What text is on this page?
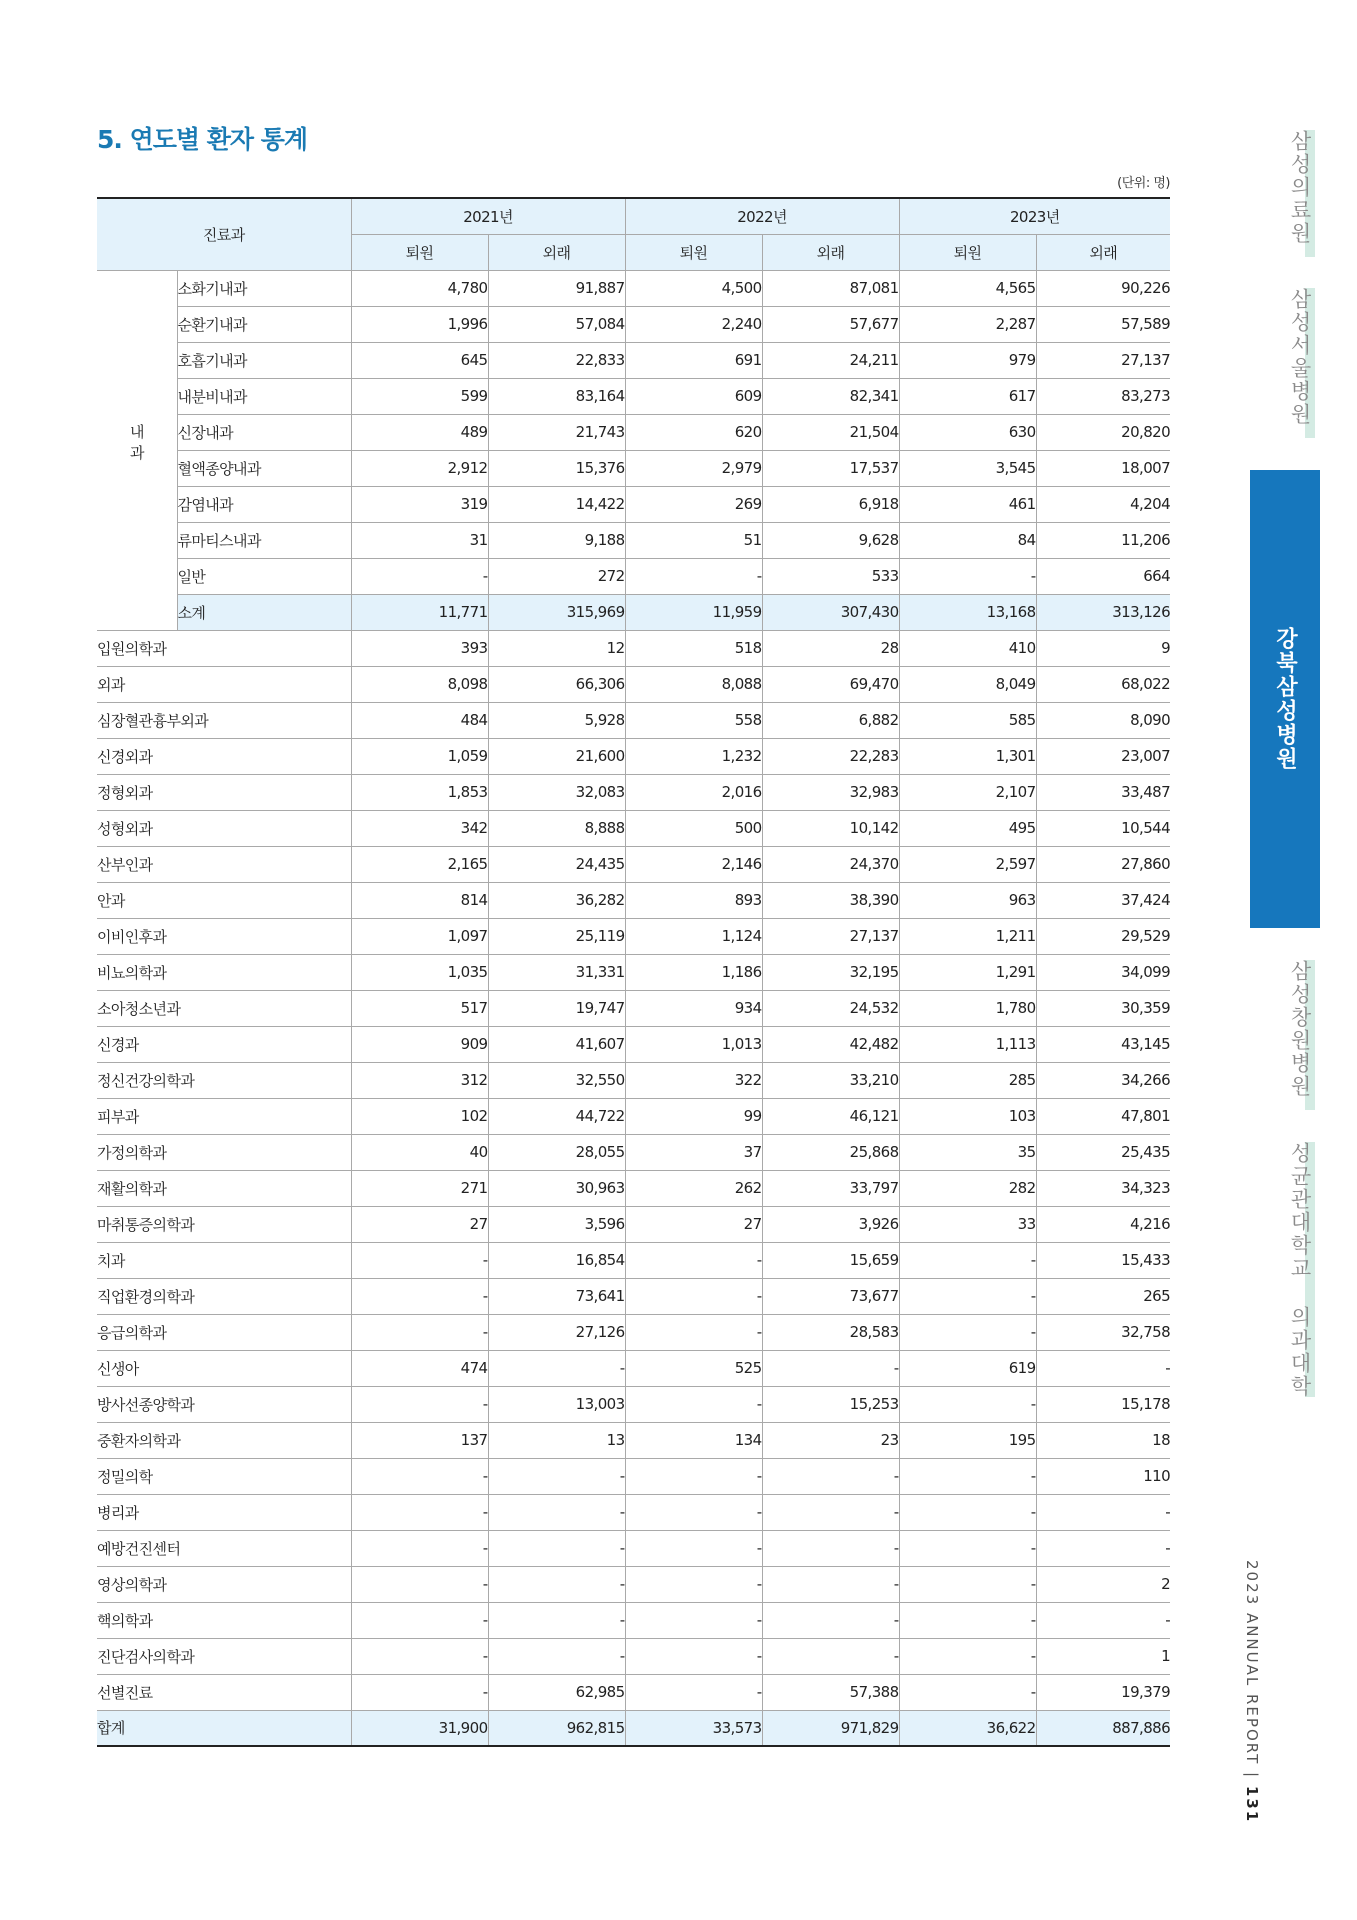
5. 연도별 환자 통계
(단위: 명)
진료과		2021년		2022년		2023년	
		퇴원	외래	퇴원	외래	퇴원	외래
내과	소화기내과	4,780	91,887	4,500	87,081	4,565	90,226
	순환기내과	1,996	57,084	2,240	57,677	2,287	57,589
	호흡기내과	645	22,833	691	24,211	979	27,137
	내분비내과	599	83,164	609	82,341	617	83,273
	신장내과	489	21,743	620	21,504	630	20,820
	혈액종양내과	2,912	15,376	2,979	17,537	3,545	18,007
	감염내과	319	14,422	269	6,918	461	4,204
	류마티스내과	31	9,188	51	9,628	84	11,206
	일반	-	272	-	533	-	664
	소계	11,771	315,969	11,959	307,430	13,168	313,126
입원의학과		393	12	518	28	410	9
외과		8,098	66,306	8,088	69,470	8,049	68,022
심장혈관흉부외과		484	5,928	558	6,882	585	8,090
신경외과		1,059	21,600	1,232	22,283	1,301	23,007
정형외과		1,853	32,083	2,016	32,983	2,107	33,487
성형외과		342	8,888	500	10,142	495	10,544
산부인과		2,165	24,435	2,146	24,370	2,597	27,860
안과		814	36,282	893	38,390	963	37,424
이비인후과		1,097	25,119	1,124	27,137	1,211	29,529
비뇨의학과		1,035	31,331	1,186	32,195	1,291	34,099
소아청소년과		517	19,747	934	24,532	1,780	30,359
신경과		909	41,607	1,013	42,482	1,113	43,145
정신건강의학과		312	32,550	322	33,210	285	34,266
피부과		102	44,722	99	46,121	103	47,801
가정의학과		40	28,055	37	25,868	35	25,435
재활의학과		271	30,963	262	33,797	282	34,323
마취통증의학과		27	3,596	27	3,926	33	4,216
치과		-	16,854	-	15,659	-	15,433
직업환경의학과		-	73,641	-	73,677	-	265
응급의학과		-	27,126	-	28,583	-	32,758
신생아		474	-	525	-	619	-
방사선종양학과		-	13,003	-	15,253	-	15,178
중환자의학과		137	13	134	23	195	18
정밀의학		-	-	-	-	-	110
병리과		-	-	-	-	-	-
예방건진센터		-	-	-	-	-	-
영상의학과		-	-	-	-	-	2
핵의학과		-	-	-	-	-	-
진단검사의학과		-	-	-	-	-	1
선별진료		-	62,985	-	57,388	-	19,379
합계		31,900	962,815	33,573	971,829	36,622	887,886
삼성의료원
삼성서울병원
강북삼성병원
삼성창원병원
성균관대학교 의과대학
2023 ANNUAL REPORT | 131
